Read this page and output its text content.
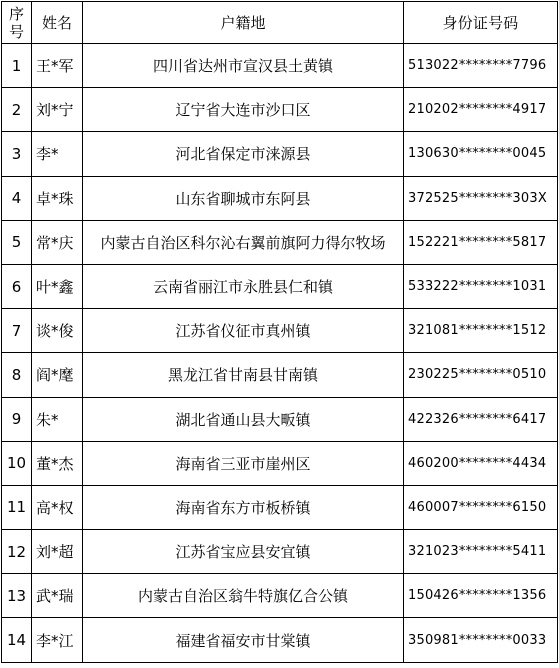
序
号	姓名	户籍地	身份证号码
1	王*军	四川省达州市宣汉县土黄镇	513022********7796
2	刘*宁	辽宁省大连市沙口区	210202********4917
3	李*	河北省保定市涞源县	130630********0045
4	卓*珠	山东省聊城市东阿县	372525********303X
5	常*庆	内蒙古自治区科尔沁右翼前旗阿力得尔牧场	152221********5817
6	叶*鑫	云南省丽江市永胜县仁和镇	533222********1031
7	谈*俊	江苏省仪征市真州镇	321081********1512
8	阎*麾	黑龙江省甘南县甘南镇	230225********0510
9	朱*	湖北省通山县大畈镇	422326********6417
10	董*杰	海南省三亚市崖州区	460200********4434
11	高*权	海南省东方市板桥镇	460007********6150
12	刘*超	江苏省宝应县安宜镇	321023********5411
13	武*瑞	内蒙古自治区翁牛特旗亿合公镇	150426********1356
14	李*江	福建省福安市甘棠镇	350981********0033
